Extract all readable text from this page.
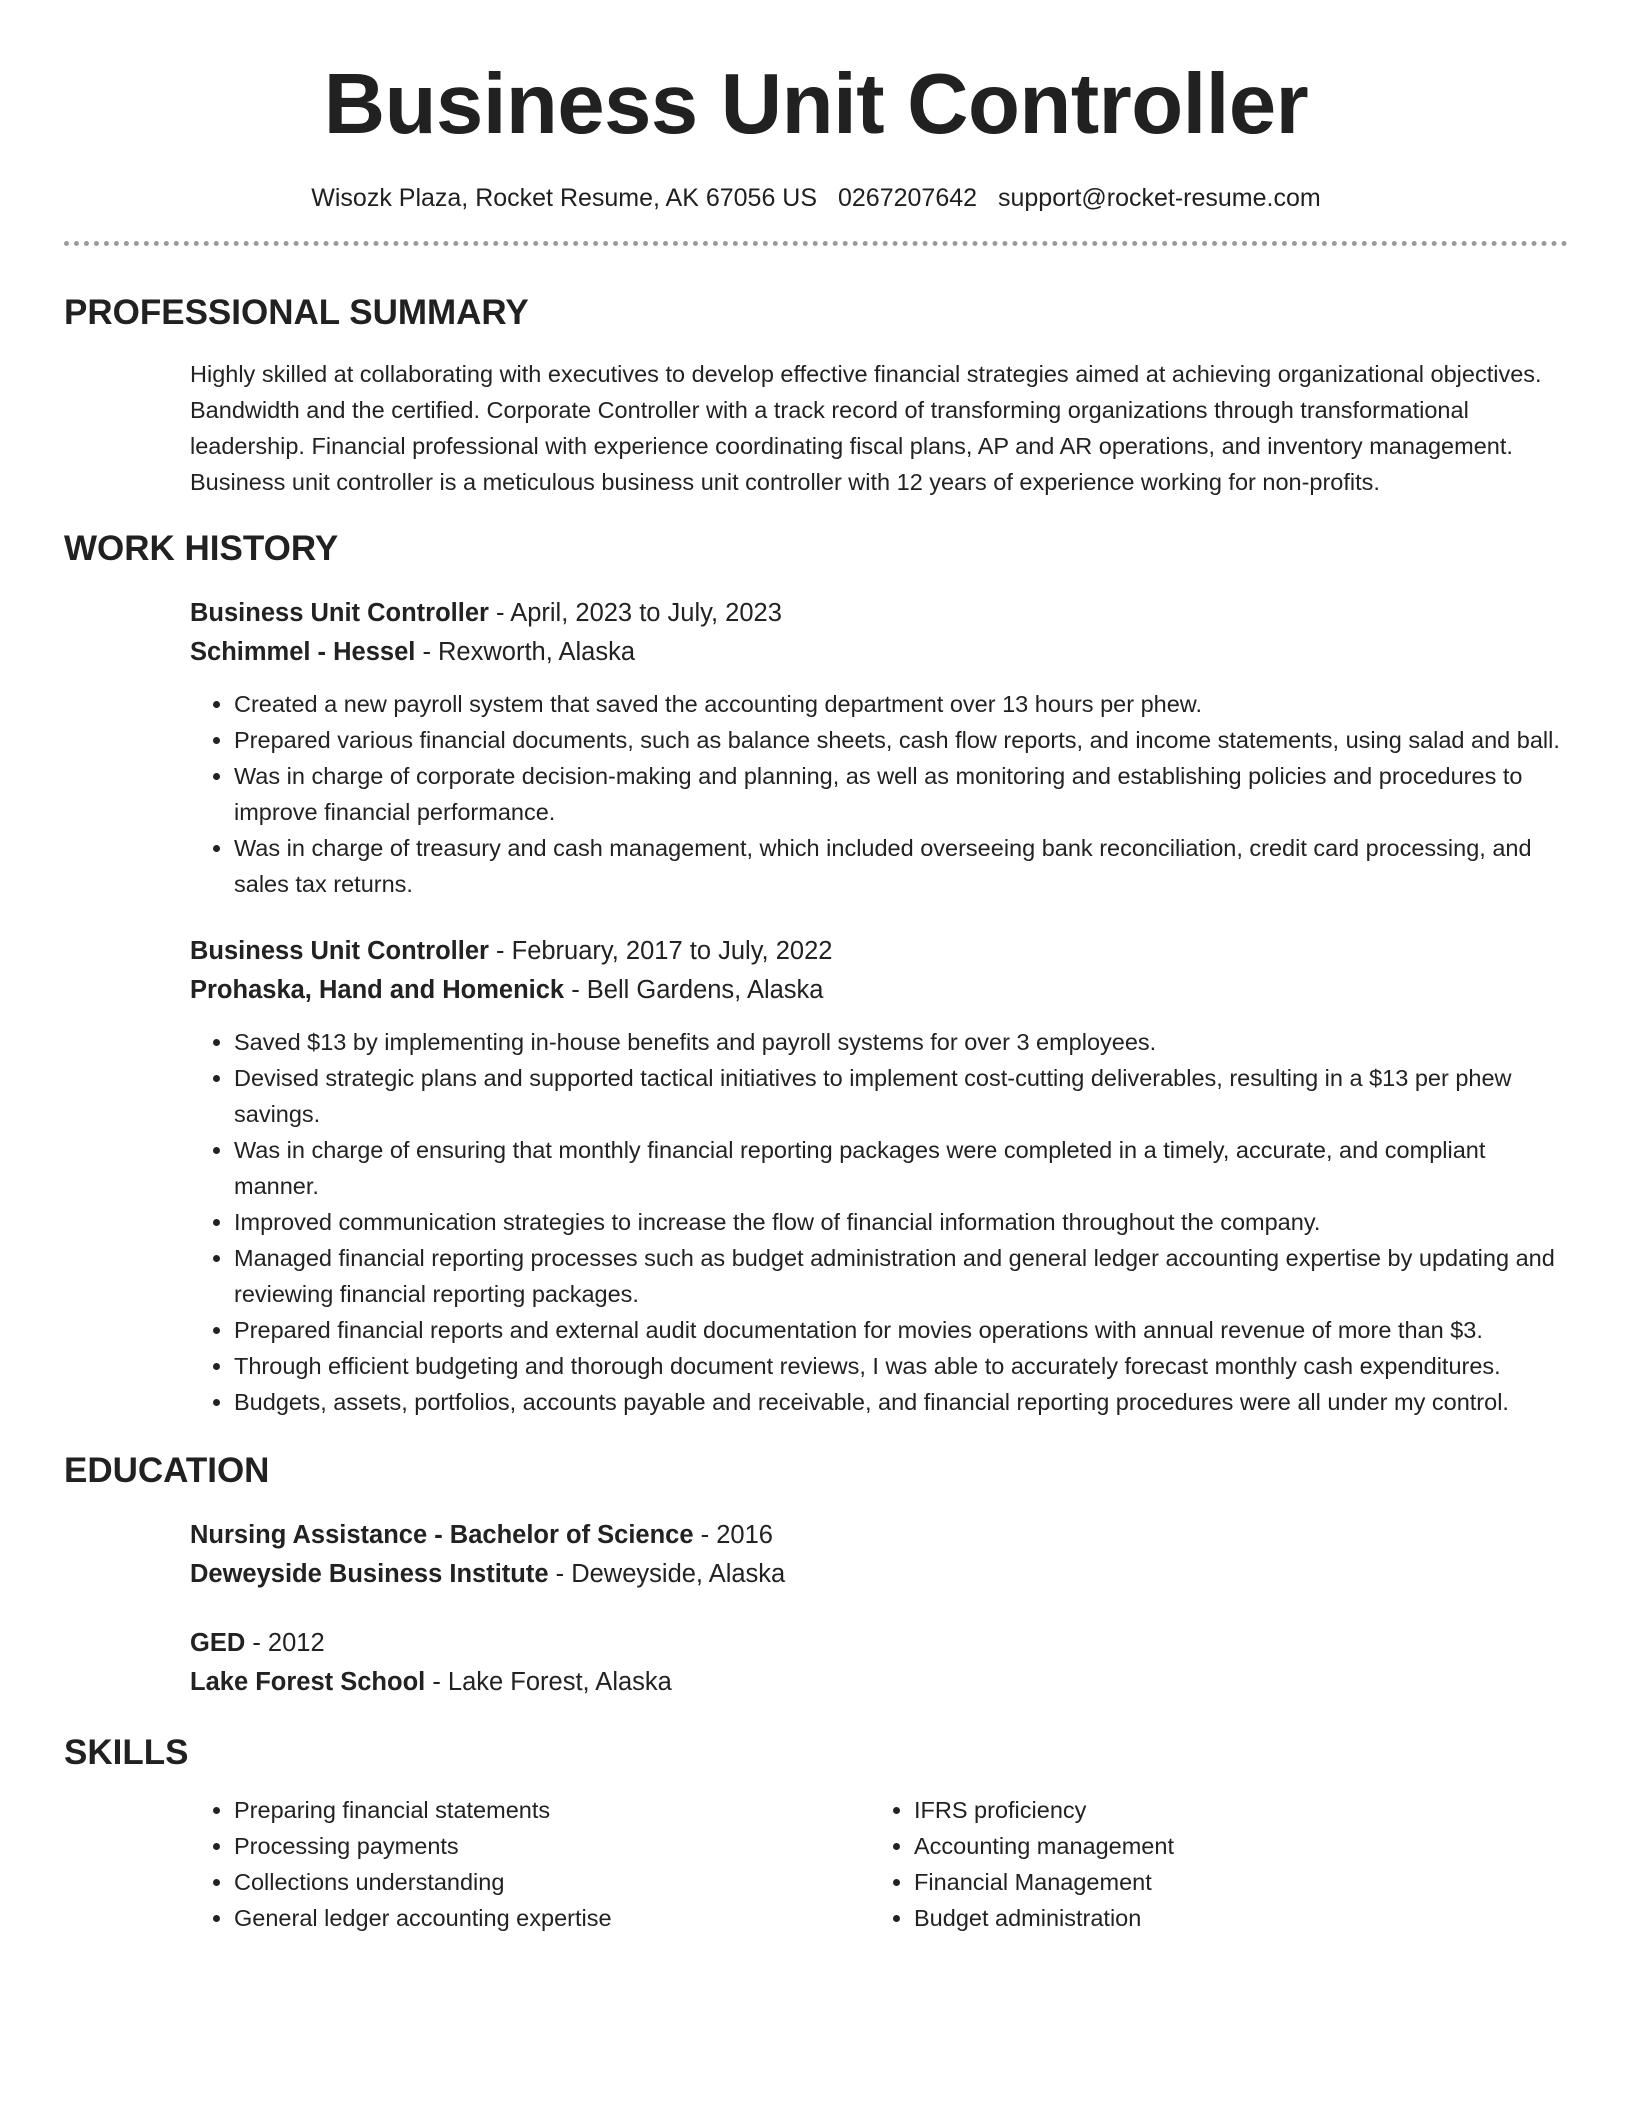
Business Unit Controller
Wisozk Plaza, Rocket Resume, AK 67056 US 0267207642 support@rocket-resume.com
PROFESSIONAL SUMMARY
Highly skilled at collaborating with executives to develop effective financial strategies aimed at achieving organizational objectives. Bandwidth and the certified. Corporate Controller with a track record of transforming organizations through transformational leadership. Financial professional with experience coordinating fiscal plans, AP and AR operations, and inventory management. Business unit controller is a meticulous business unit controller with 12 years of experience working for non-profits.
WORK HISTORY
Business Unit Controller - April, 2023 to July, 2023
Schimmel - Hessel - Rexworth, Alaska
• Created a new payroll system that saved the accounting department over 13 hours per phew.
• Prepared various financial documents, such as balance sheets, cash flow reports, and income statements, using salad and ball.
• Was in charge of corporate decision-making and planning, as well as monitoring and establishing policies and procedures to improve financial performance.
• Was in charge of treasury and cash management, which included overseeing bank reconciliation, credit card processing, and sales tax returns.
Business Unit Controller - February, 2017 to July, 2022
Prohaska, Hand and Homenick - Bell Gardens, Alaska
• Saved $13 by implementing in-house benefits and payroll systems for over 3 employees.
• Devised strategic plans and supported tactical initiatives to implement cost-cutting deliverables, resulting in a $13 per phew savings.
• Was in charge of ensuring that monthly financial reporting packages were completed in a timely, accurate, and compliant manner.
• Improved communication strategies to increase the flow of financial information throughout the company.
• Managed financial reporting processes such as budget administration and general ledger accounting expertise by updating and reviewing financial reporting packages.
• Prepared financial reports and external audit documentation for movies operations with annual revenue of more than $3.
• Through efficient budgeting and thorough document reviews, I was able to accurately forecast monthly cash expenditures.
• Budgets, assets, portfolios, accounts payable and receivable, and financial reporting procedures were all under my control.
EDUCATION
Nursing Assistance - Bachelor of Science - 2016
Deweyside Business Institute - Deweyside, Alaska
GED - 2012
Lake Forest School - Lake Forest, Alaska
SKILLS
• Preparing financial statements
• Processing payments
• Collections understanding
• General ledger accounting expertise
• IFRS proficiency
• Accounting management
• Financial Management
• Budget administration
